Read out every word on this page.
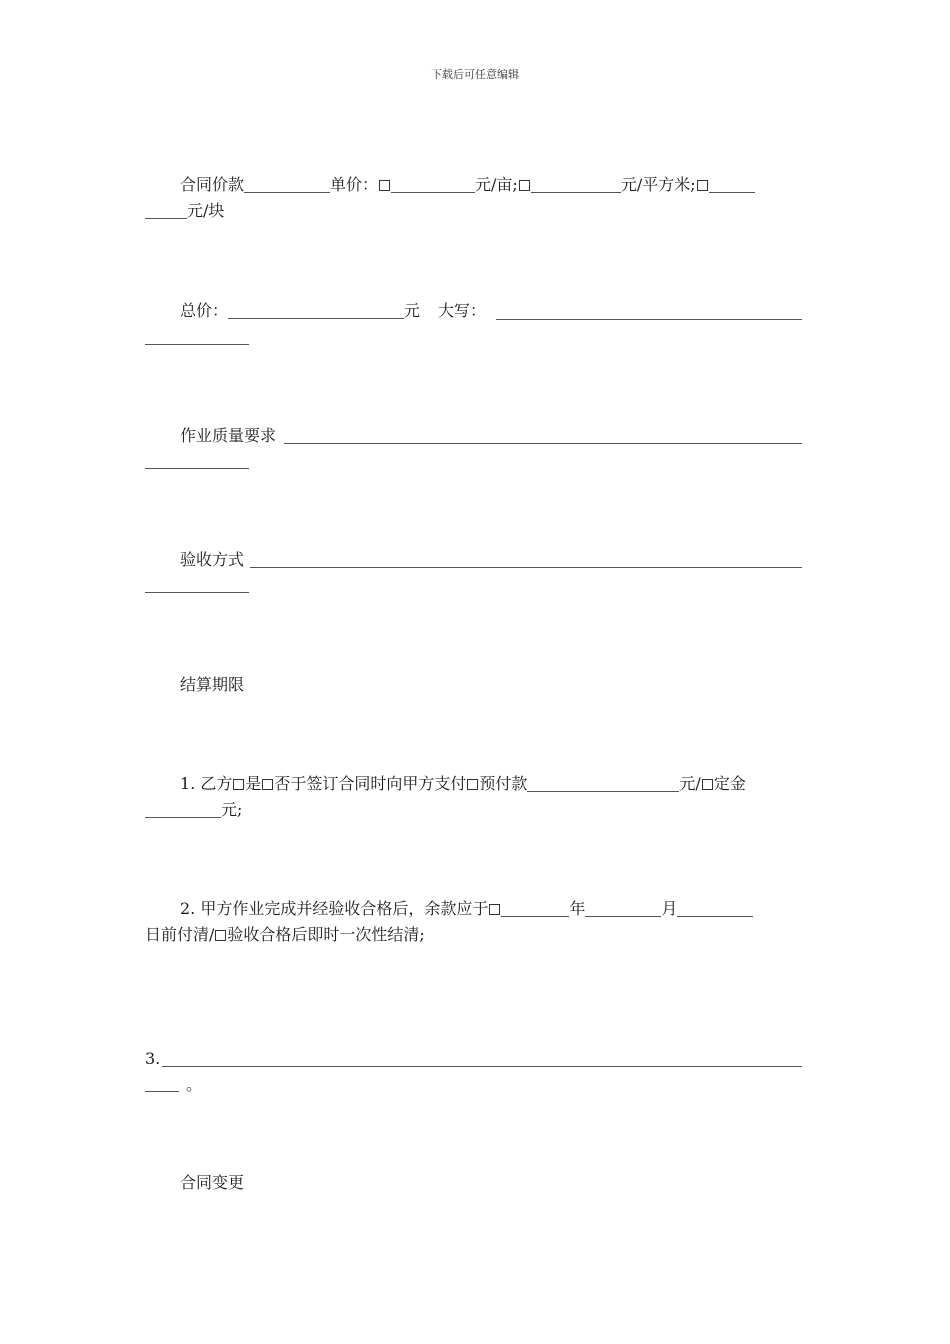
下载后可任意编辑
合同价款	单价：	元/亩;	元/平方米;
元/块
总价：	元 大写：
作业质量要求
验收方式
结算期限
1. 乙方 是 否于签订合同时向甲方支付 预付款	元/ 定金
元;
2. 甲方作业完成并经验收合格后，余款应于	年	月
日前付清/ 验收合格后即时一次性结清;
3.
。
合同变更
